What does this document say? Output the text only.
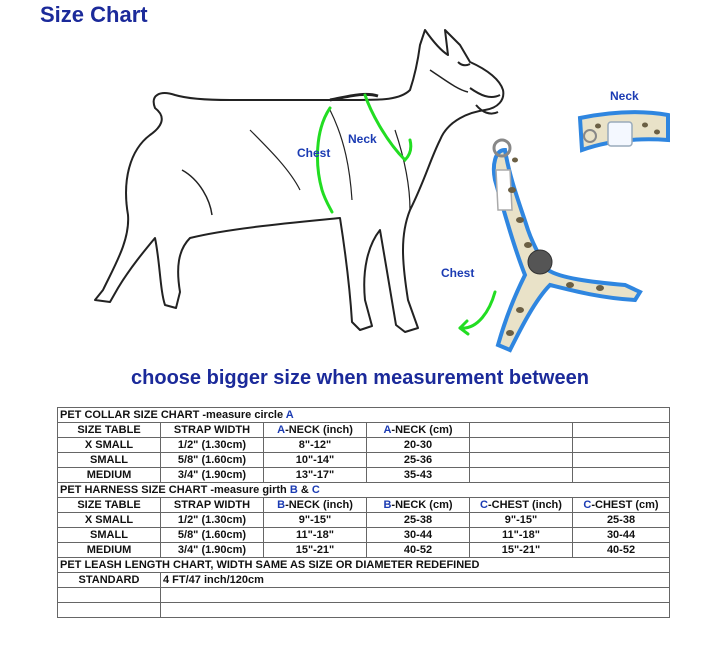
Size Chart
Chest
Neck
Chest
Neck
choose bigger size when measurement between
PET COLLAR SIZE CHART -measure circle A					
SIZE TABLE	STRAP WIDTH	A-NECK (inch)	A-NECK (cm)		
X SMALL	1/2" (1.30cm)	8"-12"	20-30		
SMALL	5/8" (1.60cm)	10"-14"	25-36		
MEDIUM	3/4" (1.90cm)	13"-17"	35-43		
PET HARNESS SIZE CHART -measure girth B & C					
SIZE TABLE	STRAP WIDTH	B-NECK (inch)	B-NECK (cm)	C-CHEST (inch)	C-CHEST (cm)
X SMALL	1/2" (1.30cm)	9"-15"	25-38	9"-15"	25-38
SMALL	5/8" (1.60cm)	11"-18"	30-44	11"-18"	30-44
MEDIUM	3/4" (1.90cm)	15"-21"	40-52	15"-21"	40-52
PET LEASH LENGTH CHART, WIDTH SAME AS SIZE OR DIAMETER REDEFINED					
STANDARD	4 FT/47 inch/120cm				
